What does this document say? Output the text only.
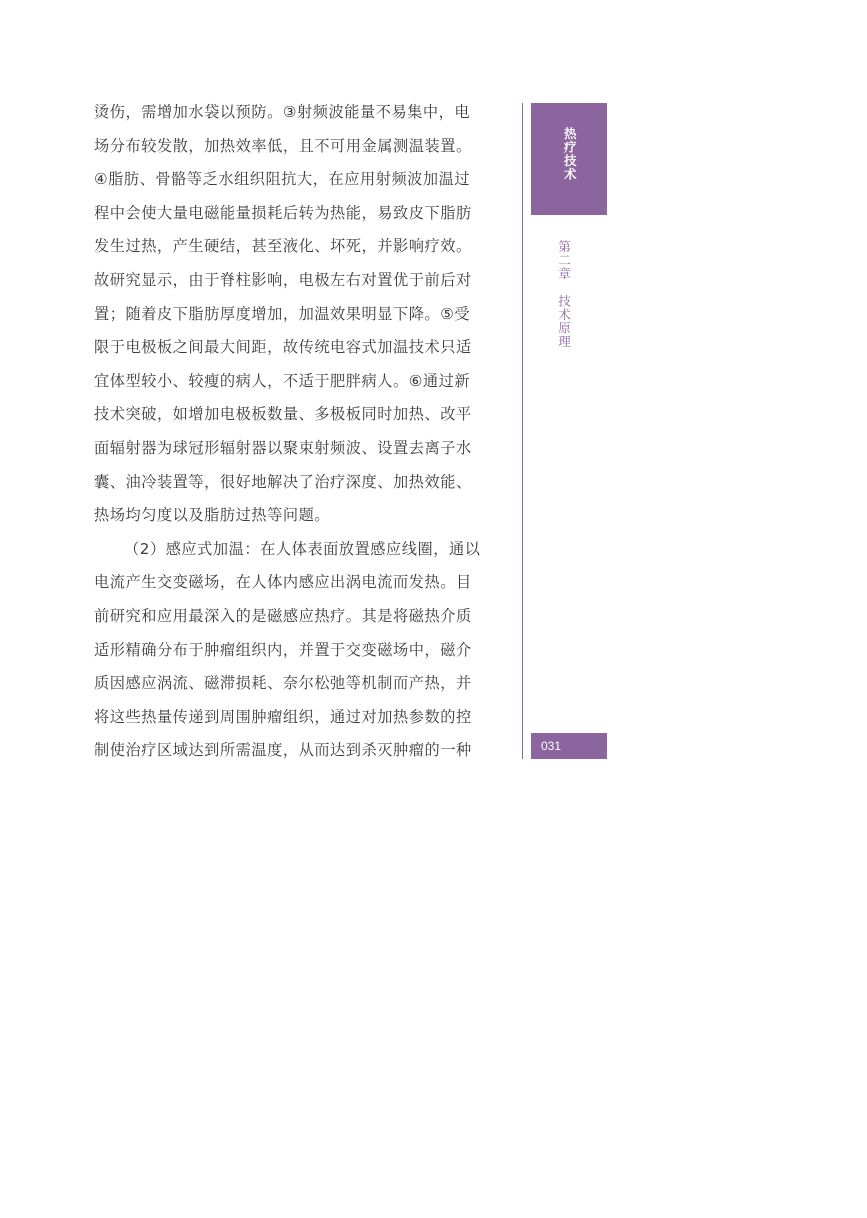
烫伤，需增加水袋以预防。③射频波能量不易集中，电
场分布较发散，加热效率低，且不可用金属测温装置。
④脂肪、骨骼等乏水组织阻抗大，在应用射频波加温过
程中会使大量电磁能量损耗后转为热能，易致皮下脂肪
发生过热，产生硬结，甚至液化、坏死，并影响疗效。
故研究显示，由于脊柱影响，电极左右对置优于前后对
置；随着皮下脂肪厚度增加，加温效果明显下降。⑤受
限于电极板之间最大间距，故传统电容式加温技术只适
宜体型较小、较瘦的病人，不适于肥胖病人。⑥通过新
技术突破，如增加电极板数量、多极板同时加热、改平
面辐射器为球冠形辐射器以聚束射频波、设置去离子水
囊、油冷装置等，很好地解决了治疗深度、加热效能、
热场均匀度以及脂肪过热等问题。
（2）感应式加温：在人体表面放置感应线圈，通以
电流产生交变磁场，在人体内感应出涡电流而发热。目
前研究和应用最深入的是磁感应热疗。其是将磁热介质
适形精确分布于肿瘤组织内，并置于交变磁场中，磁介
质因感应涡流、磁滞损耗、奈尔松弛等机制而产热，并
将这些热量传递到周围肿瘤组织，通过对加热参数的控
制使治疗区域达到所需温度，从而达到杀灭肿瘤的一种
热疗技术
第二章技术原理
031
